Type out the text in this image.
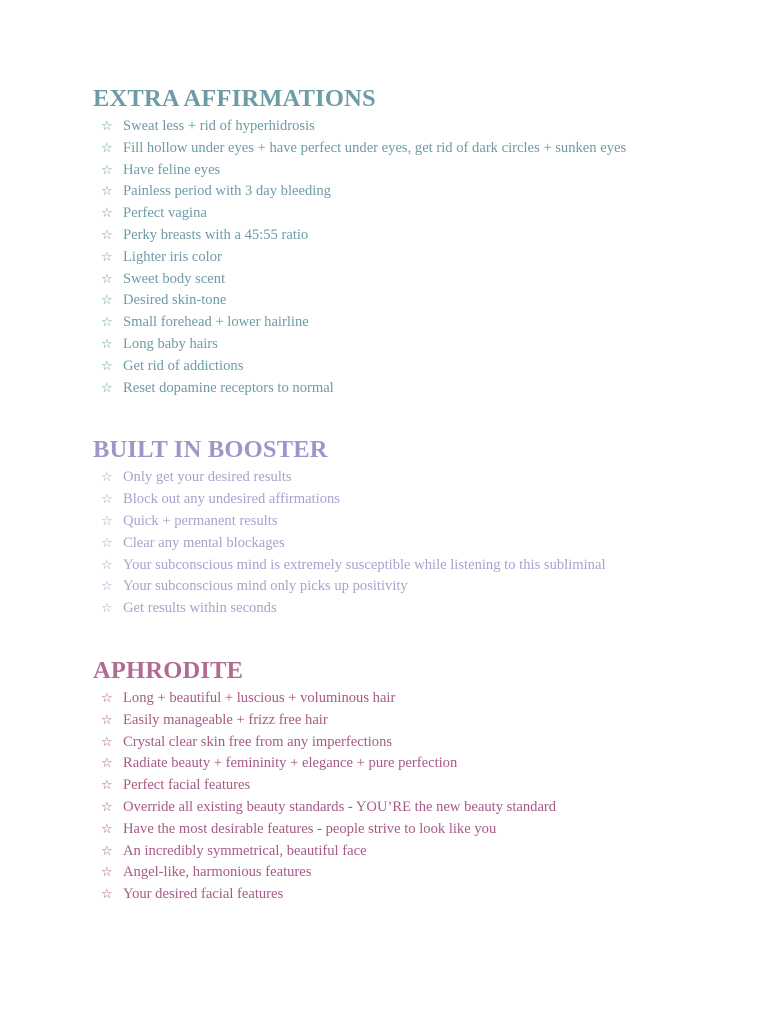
EXTRA AFFIRMATIONS
☆ Sweat less + rid of hyperhidrosis
☆ Fill hollow under eyes + have perfect under eyes, get rid of dark circles + sunken eyes
☆ Have feline eyes
☆ Painless period with 3 day bleeding
☆ Perfect vagina
☆ Perky breasts with a 45:55 ratio
☆ Lighter iris color
☆ Sweet body scent
☆ Desired skin-tone
☆ Small forehead + lower hairline
☆ Long baby hairs
☆ Get rid of addictions
☆ Reset dopamine receptors to normal
BUILT IN BOOSTER
☆ Only get your desired results
☆ Block out any undesired affirmations
☆ Quick + permanent results
☆ Clear any mental blockages
☆ Your subconscious mind is extremely susceptible while listening to this subliminal
☆ Your subconscious mind only picks up positivity
☆ Get results within seconds
APHRODITE
☆ Long + beautiful + luscious + voluminous hair
☆ Easily manageable + frizz free hair
☆ Crystal clear skin free from any imperfections
☆ Radiate beauty + femininity + elegance + pure perfection
☆ Perfect facial features
☆ Override all existing beauty standards - YOU’RE the new beauty standard
☆ Have the most desirable features - people strive to look like you
☆ An incredibly symmetrical, beautiful face
☆ Angel-like, harmonious features
☆ Your desired facial features
